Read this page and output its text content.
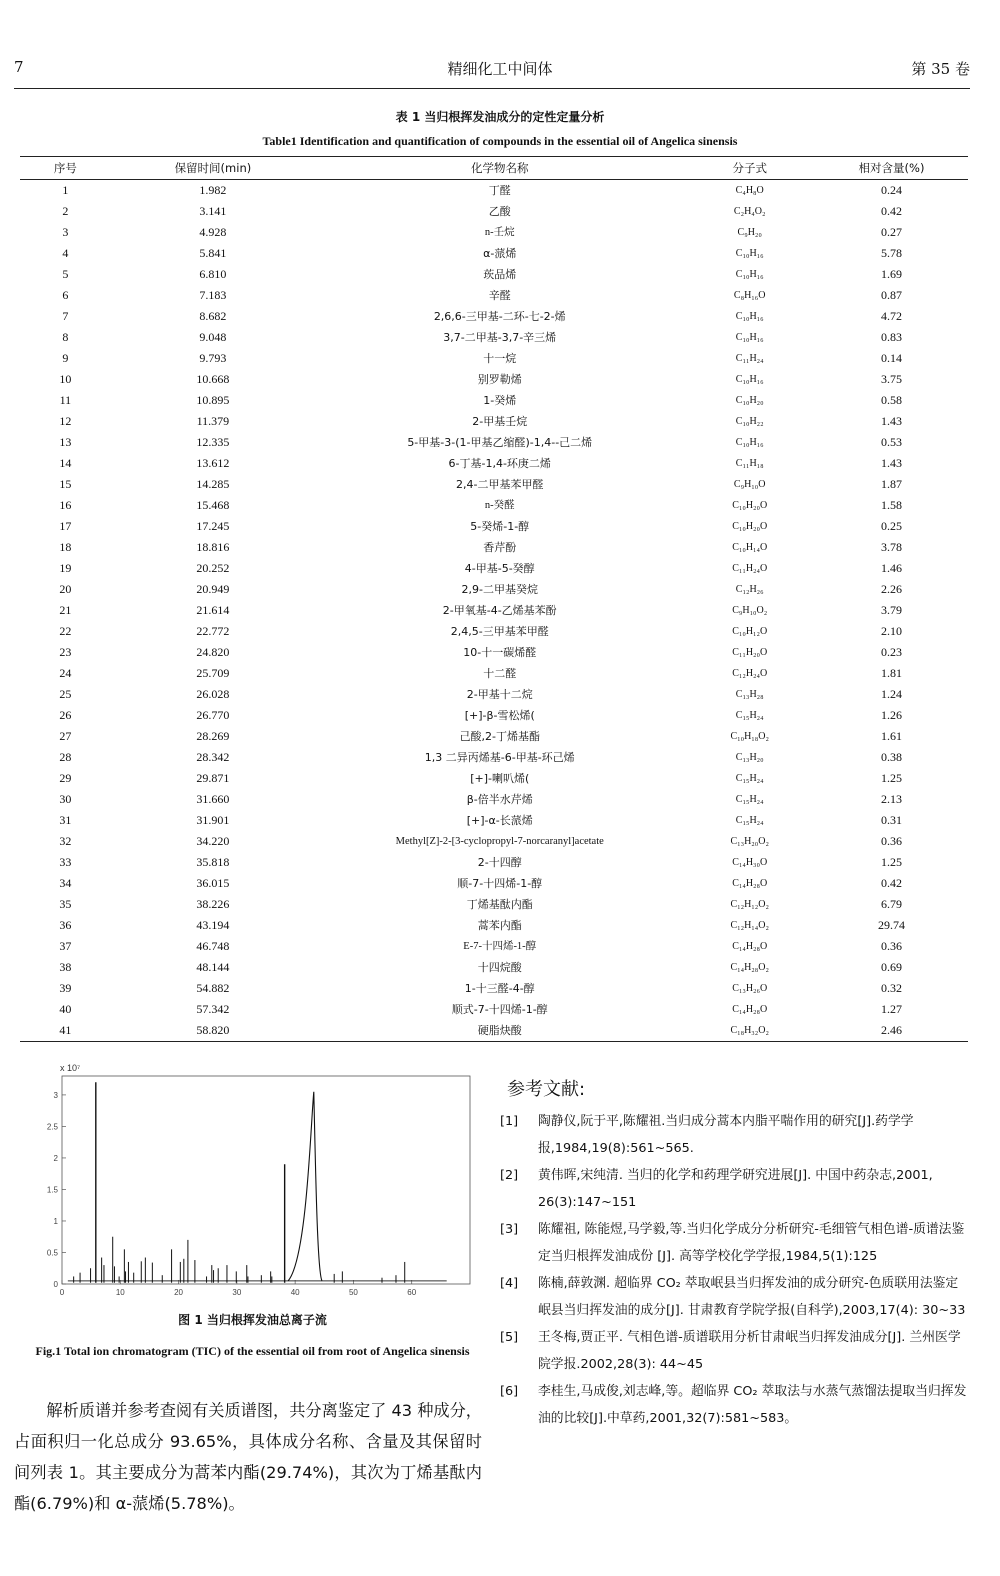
7	精细化工中间体	第 35 卷
表 1 当归根挥发油成分的定性定量分析
Table1 Identification and quantification of compounds in the essential oil of Angelica sinensis
序号	保留时间(min)	化学物名称	分子式	相对含量(%)
1	1.982	丁醛	C₄H₈O	0.24
2	3.141	乙酸	C₂H₄O₂	0.42
3	4.928	n-壬烷	C₉H₂₀	0.27
4	5.841	α-蒎烯	C₁₀H₁₆	5.78
5	6.810	莰品烯	C₁₀H₁₆	1.69
6	7.183	辛醛	C₈H₁₆O	0.87
7	8.682	2,6,6-三甲基-二环-七-2-烯	C₁₀H₁₆	4.72
8	9.048	3,7-二甲基-3,7-辛三烯	C₁₀H₁₆	0.83
9	9.793	十一烷	C₁₁H₂₄	0.14
10	10.668	别罗勒烯	C₁₀H₁₆	3.75
11	10.895	1-癸烯	C₁₀H₂₀	0.58
12	11.379	2-甲基壬烷	C₁₀H₂₂	1.43
13	12.335	5-甲基-3-(1-甲基乙缩醛)-1,4--己二烯	C₁₀H₁₆	0.53
14	13.612	6-丁基-1,4-环庚二烯	C₁₁H₁₈	1.43
15	14.285	2,4-二甲基苯甲醛	C₉H₁₀O	1.87
16	15.468	n-癸醛	C₁₀H₂₀O	1.58
17	17.245	5-癸烯-1-醇	C₁₀H₂₀O	0.25
18	18.816	香芹酚	C₁₀H₁₄O	3.78
19	20.252	4-甲基-5-癸醇	C₁₁H₂₄O	1.46
20	20.949	2,9-二甲基癸烷	C₁₂H₂₆	2.26
21	21.614	2-甲氧基-4-乙烯基苯酚	C₉H₁₀O₂	3.79
22	22.772	2,4,5-三甲基苯甲醛	C₁₀H₁₂O	2.10
23	24.820	10-十一碳烯醛	C₁₁H₂₀O	0.23
24	25.709	十二醛	C₁₂H₂₄O	1.81
25	26.028	2-甲基十二烷	C₁₃H₂₈	1.24
26	26.770	[+]-β-雪松烯(	C₁₅H₂₄	1.26
27	28.269	己酸,2-丁烯基酯	C₁₀H₁₈O₂	1.61
28	28.342	1,3 二异丙烯基-6-甲基-环己烯	C₁₃H₂₀	0.38
29	29.871	[+]-喇叭烯(	C₁₅H₂₄	1.25
30	31.660	β-倍半水芹烯	C₁₅H₂₄	2.13
31	31.901	[+]-α-长蒎烯	C₁₅H₂₄	0.31
32	34.220	Methyl[Z]-2-[3-cyclopropyl-7-norcaranyl]acetate	C₁₃H₂₀O₂	0.36
33	35.818	2-十四醇	C₁₄H₃₀O	1.25
34	36.015	顺-7-十四烯-1-醇	C₁₄H₂₈O	0.42
35	38.226	丁烯基酞内酯	C₁₂H₁₂O₂	6.79
36	43.194	蒿苯内酯	C₁₂H₁₄O₂	29.74
37	46.748	E-7-十四烯-1-醇	C₁₄H₂₈O	0.36
38	48.144	十四烷酸	C₁₄H₂₈O₂	0.69
39	54.882	1-十三醛-4-醇	C₁₃H₂₆O	0.32
40	57.342	顺式-7-十四烯-1-醇	C₁₄H₂₈O	1.27
41	58.820	硬脂炔酸	C₁₈H₃₂O₂	2.46
x 10⁷
0	10	20	30	40	50	60
0
0.5
1
1.5
2
2.5
3
图 1 当归根挥发油总离子流
Fig.1 Total ion chromatogram (TIC) of the essential oil from root of Angelica sinensis

解析质谱并参考查阅有关质谱图，共分离鉴定了 43 种成分，占面积归一化总成分 93.65%，具体成分名称、含量及其保留时间列表 1。其主要成分为蒿苯内酯(29.74%)，其次为丁烯基酞内酯(6.79%)和 α-蒎烯(5.78%)。

参考文献:
[1] 陶静仪,阮于平,陈耀祖.当归成分蒿本内脂平喘作用的研究[J].药学学报,1984,19(8):561~565.
[2] 黄伟晖,宋纯清. 当归的化学和药理学研究进展[J]. 中国中药杂志,2001, 26(3):147~151
[3] 陈耀祖, 陈能煜,马学毅,等.当归化学成分分析研究-毛细管气相色谱-质谱法鉴定当归根挥发油成份 [J]. 高等学校化学学报,1984,5(1):125
[4] 陈楠,薛敦渊. 超临界 CO₂ 萃取岷县当归挥发油的成分研究-色质联用法鉴定岷县当归挥发油的成分[J]. 甘肃教育学院学报(自科学),2003,17(4): 30~33
[5] 王冬梅,贾正平. 气相色谱-质谱联用分析甘肃岷当归挥发油成分[J]. 兰州医学院学报.2002,28(3): 44~45
[6] 李桂生,马成俊,刘志峰,等。超临界 CO₂ 萃取法与水蒸气蒸馏法提取当归挥发油的比较[J].中草药,2001,32(7):581~583。
